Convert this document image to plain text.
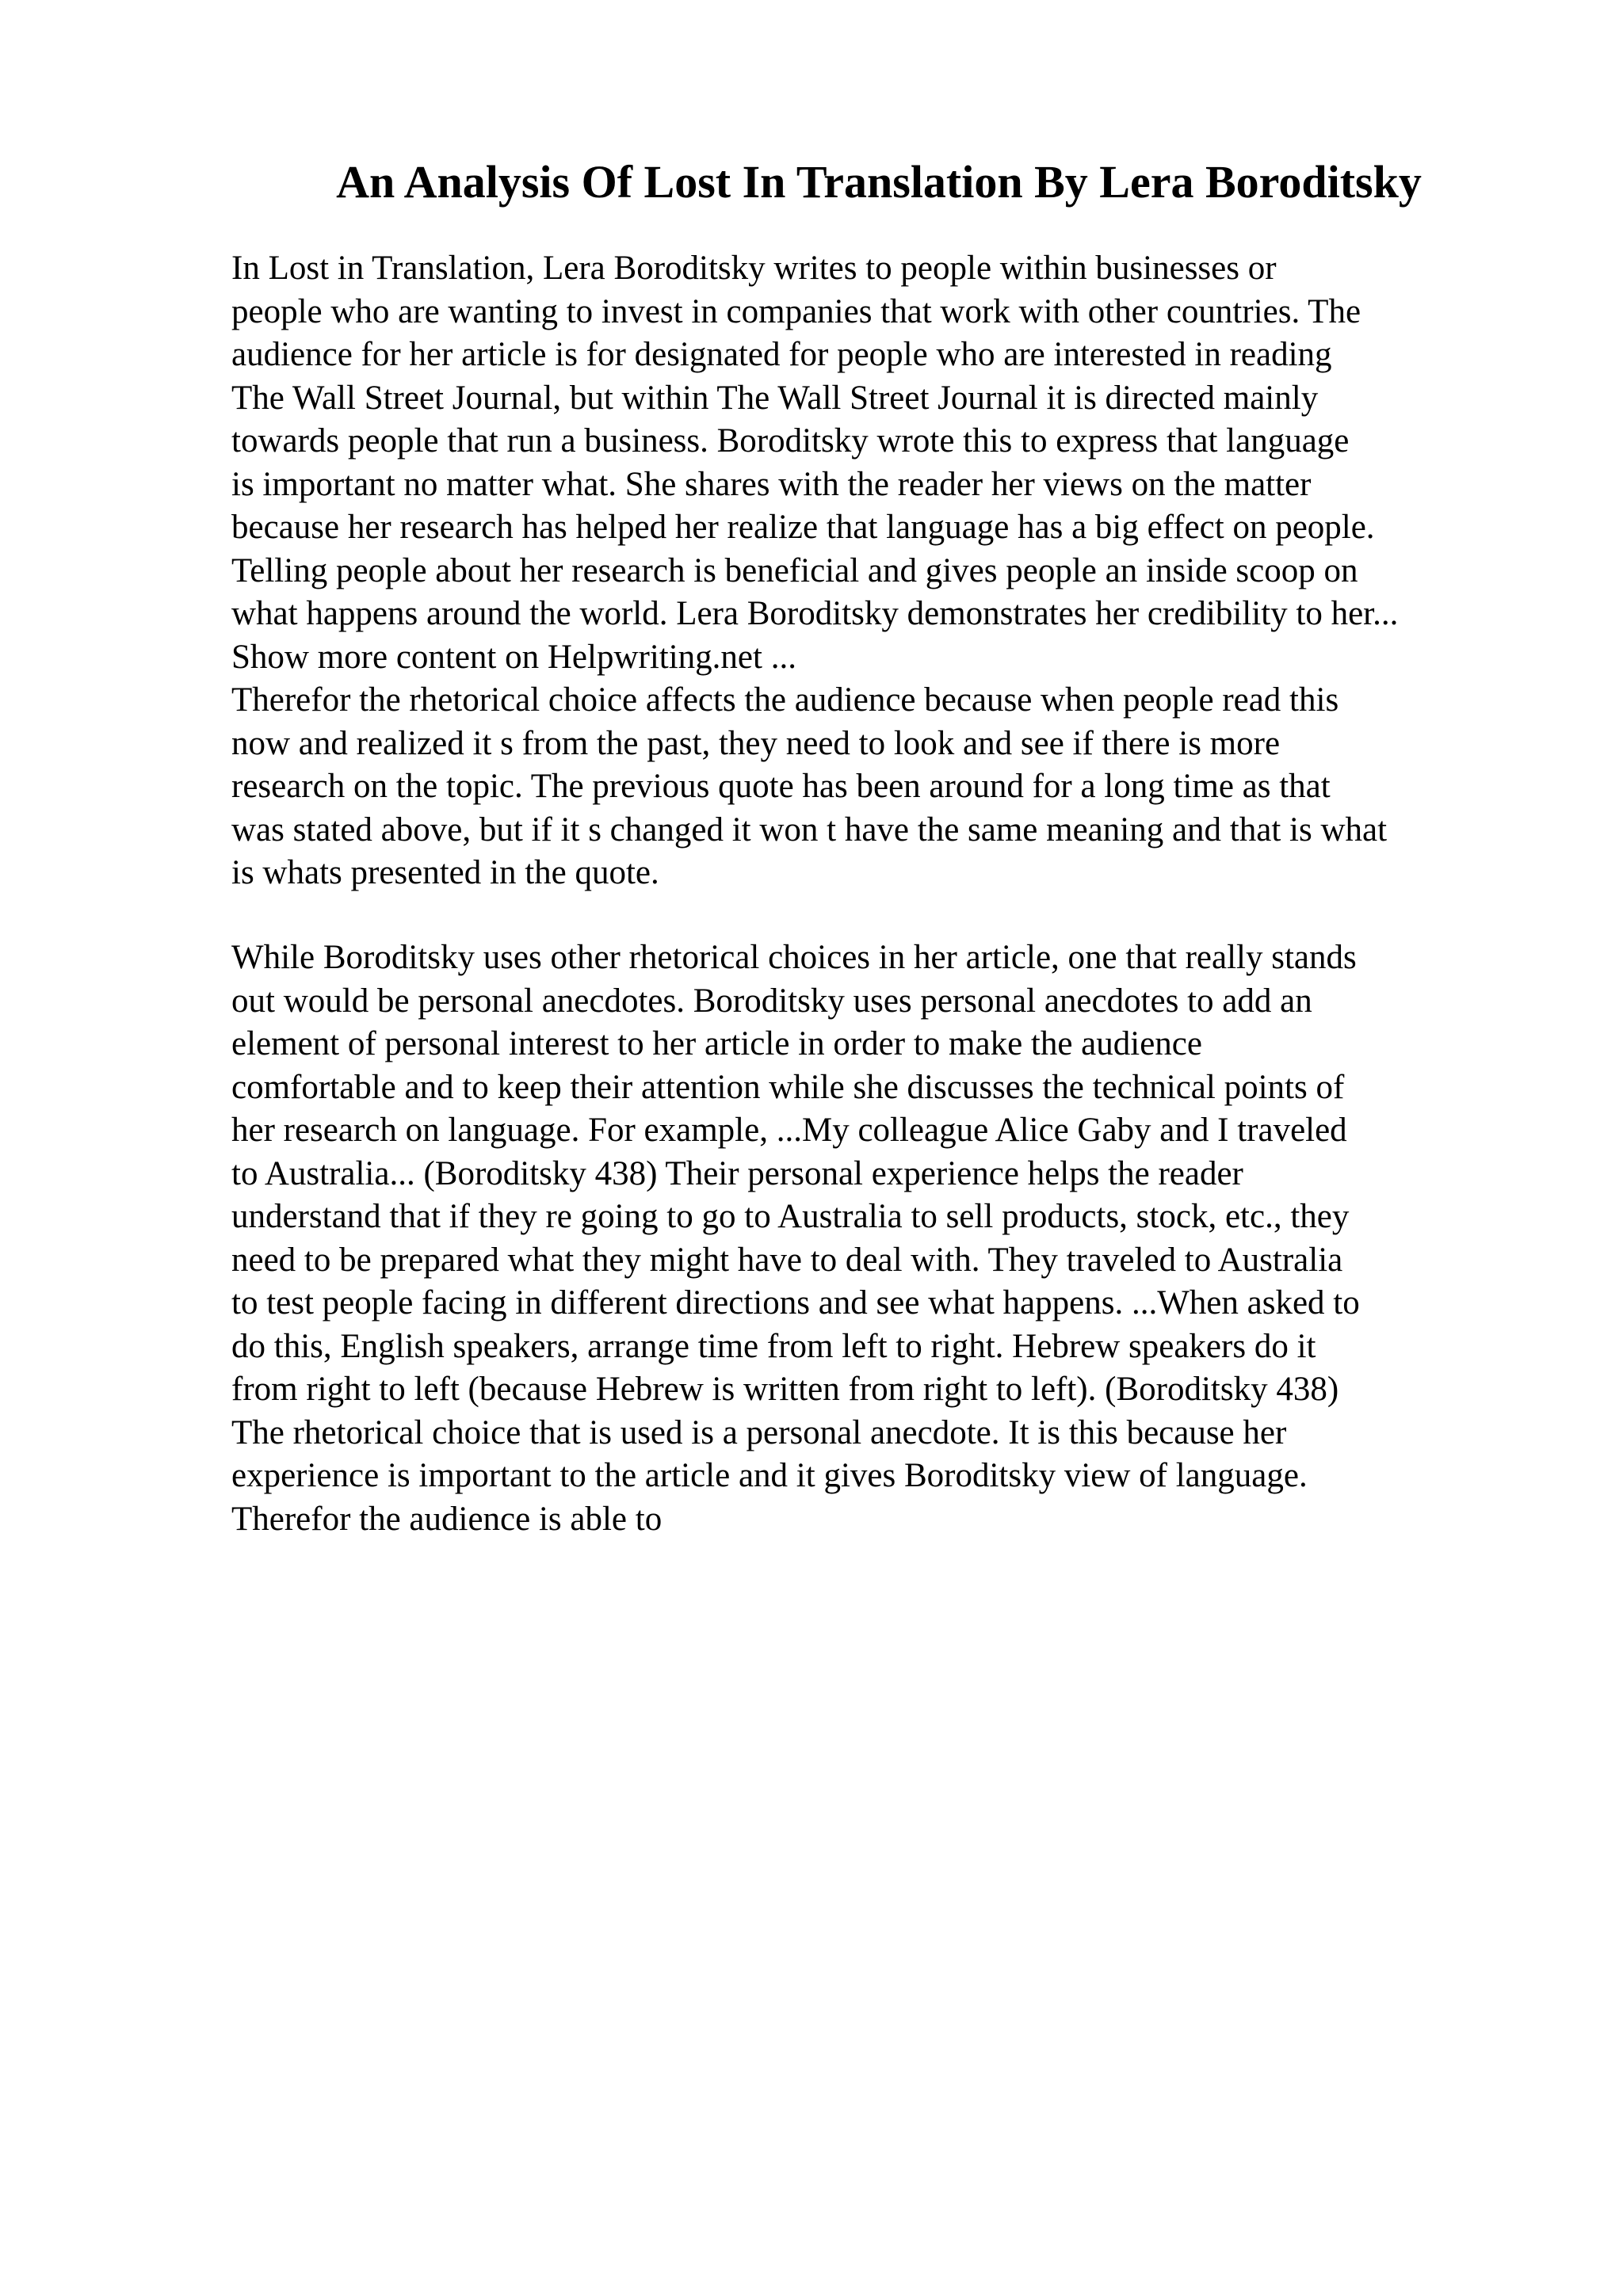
An Analysis Of Lost In Translation By Lera Boroditsky
In Lost in Translation, Lera Boroditsky writes to people within businesses or
people who are wanting to invest in companies that work with other countries. The
audience for her article is for designated for people who are interested in reading
The Wall Street Journal, but within The Wall Street Journal it is directed mainly
towards people that run a business. Boroditsky wrote this to express that language
is important no matter what. She shares with the reader her views on the matter
because her research has helped her realize that language has a big effect on people.
Telling people about her research is beneficial and gives people an inside scoop on
what happens around the world. Lera Boroditsky demonstrates her credibility to her...
Show more content on Helpwriting.net ...
Therefor the rhetorical choice affects the audience because when people read this
now and realized it s from the past, they need to look and see if there is more
research on the topic. The previous quote has been around for a long time as that
was stated above, but if it s changed it won t have the same meaning and that is what
is whats presented in the quote.
While Boroditsky uses other rhetorical choices in her article, one that really stands
out would be personal anecdotes. Boroditsky uses personal anecdotes to add an
element of personal interest to her article in order to make the audience
comfortable and to keep their attention while she discusses the technical points of
her research on language. For example, ...My colleague Alice Gaby and I traveled
to Australia... (Boroditsky 438) Their personal experience helps the reader
understand that if they re going to go to Australia to sell products, stock, etc., they
need to be prepared what they might have to deal with. They traveled to Australia
to test people facing in different directions and see what happens. ...When asked to
do this, English speakers, arrange time from left to right. Hebrew speakers do it
from right to left (because Hebrew is written from right to left). (Boroditsky 438)
The rhetorical choice that is used is a personal anecdote. It is this because her
experience is important to the article and it gives Boroditsky view of language.
Therefor the audience is able to
